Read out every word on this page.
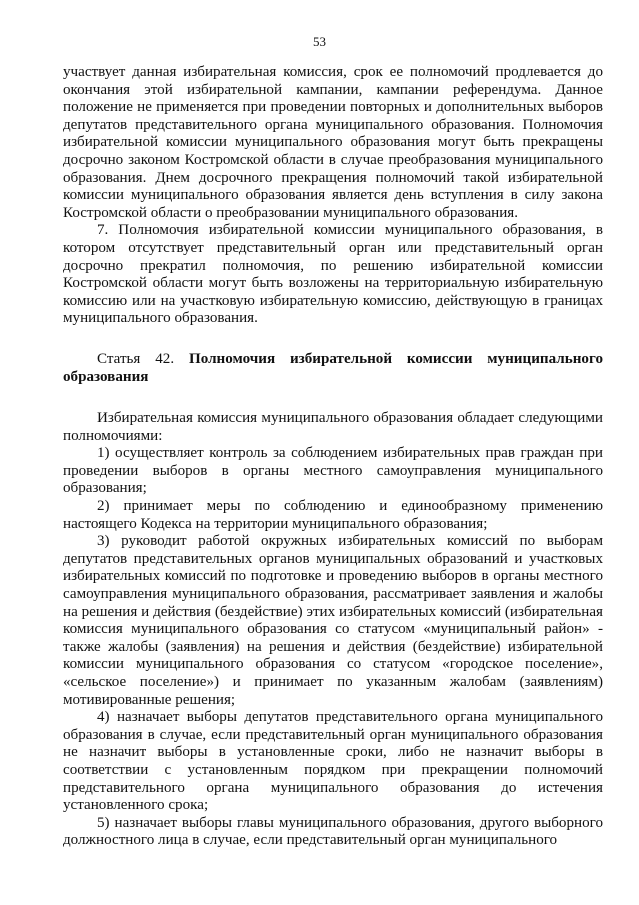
53

участвует данная избирательная комиссия, срок ее полномочий продлевается до окончания этой избирательной кампании, кампании референдума. Данное положение не применяется при проведении повторных и дополнительных выборов депутатов представительного органа муниципального образования. Полномочия избирательной комиссии муниципального образования могут быть прекращены досрочно законом Костромской области в случае преобразования муниципального образования. Днем досрочного прекращения полномочий такой избирательной комиссии муниципального образования является день вступления в силу закона Костромской области о преобразовании муниципального образования.

7. Полномочия избирательной комиссии муниципального образования, в котором отсутствует представительный орган или представительный орган досрочно прекратил полномочия, по решению избирательной комиссии Костромской области могут быть возложены на территориальную избирательную комиссию или на участковую избирательную комиссию, действующую в границах муниципального образования.

Статья 42. Полномочия избирательной комиссии муниципального образования

Избирательная комиссия муниципального образования обладает следующими полномочиями:

1) осуществляет контроль за соблюдением избирательных прав граждан при проведении выборов в органы местного самоуправления муниципального образования;

2) принимает меры по соблюдению и единообразному применению настоящего Кодекса на территории муниципального образования;

3) руководит работой окружных избирательных комиссий по выборам депутатов представительных органов муниципальных образований и участковых избирательных комиссий по подготовке и проведению выборов в органы местного самоуправления муниципального образования, рассматривает заявления и жалобы на решения и действия (бездействие) этих избирательных комиссий (избирательная комиссия муниципального образования со статусом «муниципальный район» - также жалобы (заявления) на решения и действия (бездействие) избирательной комиссии муниципального образования со статусом «городское поселение», «сельское поселение») и принимает по указанным жалобам (заявлениям) мотивированные решения;

4) назначает выборы депутатов представительного органа муниципального образования в случае, если представительный орган муниципального образования не назначит выборы в установленные сроки, либо не назначит выборы в соответствии с установленным порядком при прекращении полномочий представительного органа муниципального образования до истечения установленного срока;

5) назначает выборы главы муниципального образования, другого выборного должностного лица в случае, если представительный орган муниципального
